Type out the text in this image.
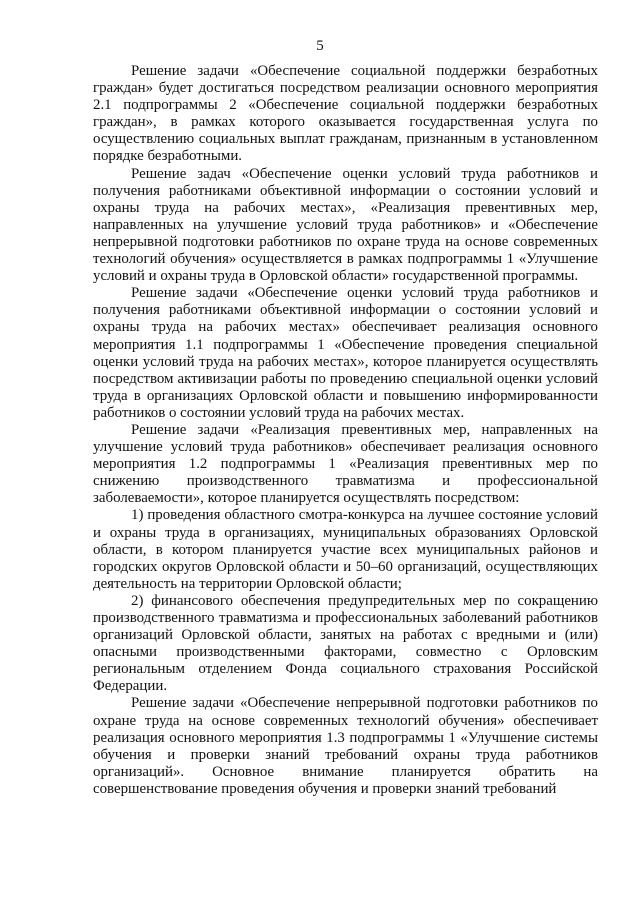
5

Решение задачи «Обеспечение социальной поддержки безработных граждан» будет достигаться посредством реализации основного мероприятия 2.1 подпрограммы 2 «Обеспечение социальной поддержки безработных граждан», в рамках которого оказывается государственная услуга по осуществлению социальных выплат гражданам, признанным в установленном порядке безработными.

Решение задач «Обеспечение оценки условий труда работников и получения работниками объективной информации о состоянии условий и охраны труда на рабочих местах», «Реализация превентивных мер, направленных на улучшение условий труда работников» и «Обеспечение непрерывной подготовки работников по охране труда на основе современных технологий обучения» осуществляется в рамках подпрограммы 1 «Улучшение условий и охраны труда в Орловской области» государственной программы.

Решение задачи «Обеспечение оценки условий труда работников и получения работниками объективной информации о состоянии условий и охраны труда на рабочих местах» обеспечивает реализация основного мероприятия 1.1 подпрограммы 1 «Обеспечение проведения специальной оценки условий труда на рабочих местах», которое планируется осуществлять посредством активизации работы по проведению специальной оценки условий труда в организациях Орловской области и повышению информированности работников о состоянии условий труда на рабочих местах.

Решение задачи «Реализация превентивных мер, направленных на улучшение условий труда работников» обеспечивает реализация основного мероприятия 1.2 подпрограммы 1 «Реализация превентивных мер по снижению производственного травматизма и профессиональной заболеваемости», которое планируется осуществлять посредством:

1) проведения областного смотра-конкурса на лучшее состояние условий и охраны труда в организациях, муниципальных образованиях Орловской области, в котором планируется участие всех муниципальных районов и городских округов Орловской области и 50–60 организаций, осуществляющих деятельность на территории Орловской области;

2) финансового обеспечения предупредительных мер по сокращению производственного травматизма и профессиональных заболеваний работников организаций Орловской области, занятых на работах с вредными и (или) опасными производственными факторами, совместно с Орловским региональным отделением Фонда социального страхования Российской Федерации.

Решение задачи «Обеспечение непрерывной подготовки работников по охране труда на основе современных технологий обучения» обеспечивает реализация основного мероприятия 1.3 подпрограммы 1 «Улучшение системы обучения и проверки знаний требований охраны труда работников организаций». Основное внимание планируется обратить на совершенствование проведения обучения и проверки знаний требований
